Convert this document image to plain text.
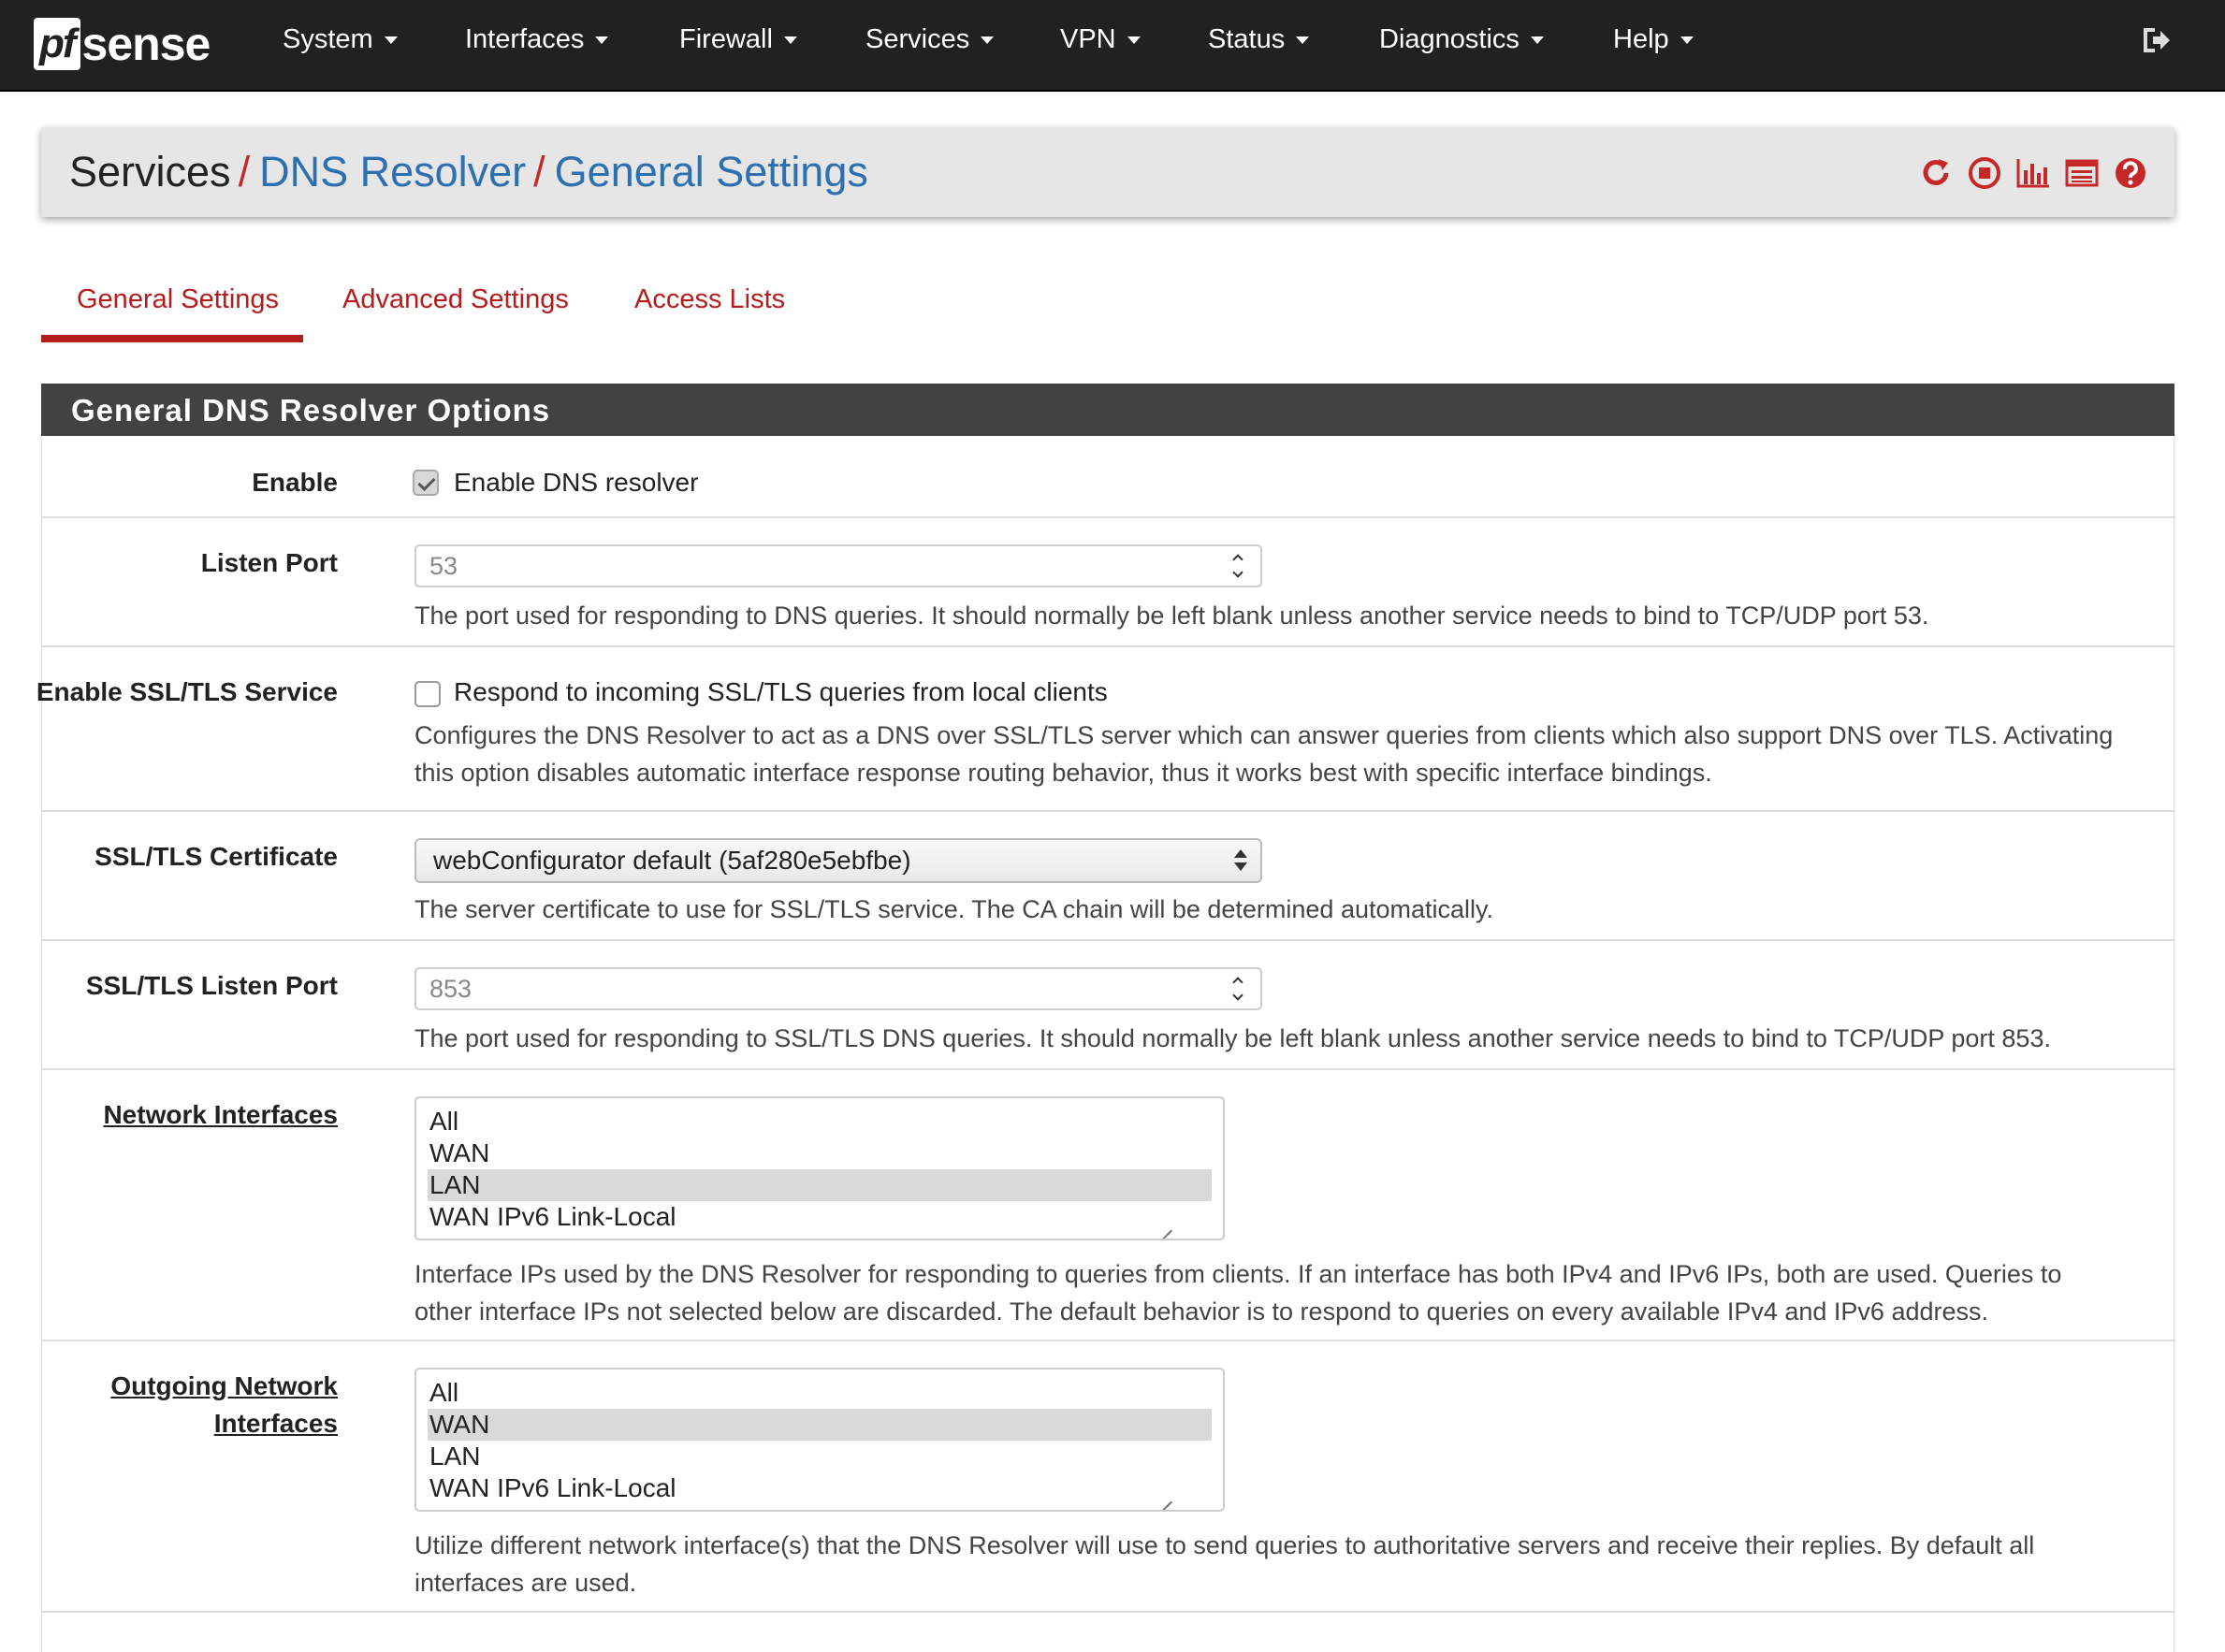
pf sense	System	Interfaces	Firewall	Services	VPN	Status	Diagnostics	Help
Services / DNS Resolver / General Settings
General Settings Advanced Settings Access Lists
General DNS Resolver Options
Enable	Enable DNS resolver
Listen Port	53
The port used for responding to DNS queries. It should normally be left blank unless another service needs to bind to TCP/UDP port 53.
Enable SSL/TLS Service	Respond to incoming SSL/TLS queries from local clients
Configures the DNS Resolver to act as a DNS over SSL/TLS server which can answer queries from clients which also support DNS over TLS. Activating
this option disables automatic interface response routing behavior, thus it works best with specific interface bindings.
SSL/TLS Certificate	webConfigurator default (5af280e5ebfbe)
The server certificate to use for SSL/TLS service. The CA chain will be determined automatically.
SSL/TLS Listen Port	853
The port used for responding to SSL/TLS DNS queries. It should normally be left blank unless another service needs to bind to TCP/UDP port 853.
Network Interfaces	All
WAN
LAN
WAN IPv6 Link-Local
Interface IPs used by the DNS Resolver for responding to queries from clients. If an interface has both IPv4 and IPv6 IPs, both are used. Queries to
other interface IPs not selected below are discarded. The default behavior is to respond to queries on every available IPv4 and IPv6 address.
Outgoing Network
Interfaces
All
WAN
LAN
WAN IPv6 Link-Local
Utilize different network interface(s) that the DNS Resolver will use to send queries to authoritative servers and receive their replies. By default all
interfaces are used.
